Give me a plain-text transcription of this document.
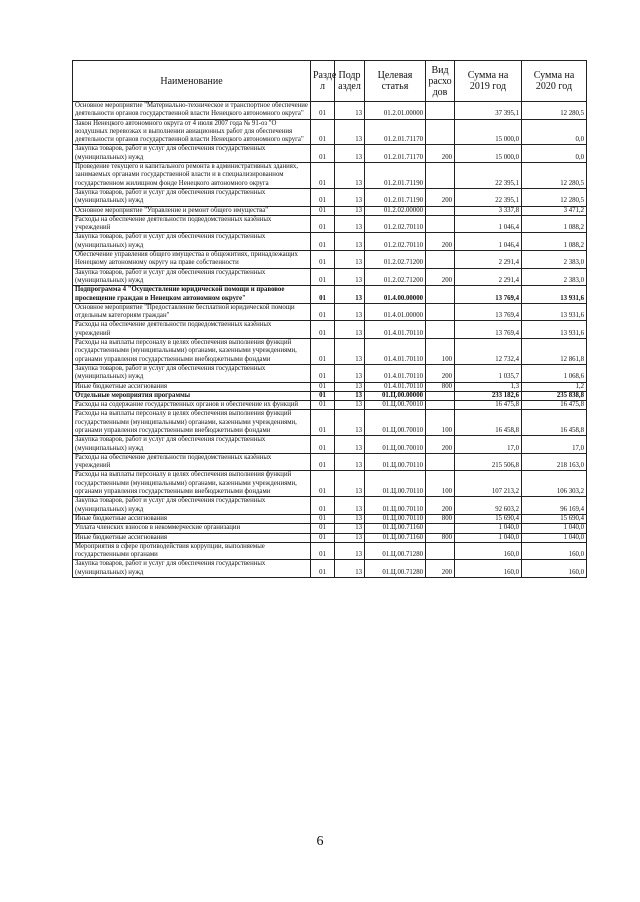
Наименование	Разде л	Подр аздел	Целевая статья	Вид расхо дов	Сумма на 2019 год	Сумма на 2020 год
Основное мероприятие "Материально-техническое и транспортное обеспечение деятельности органов государственной власти Ненецкого автономного округа"	01	13	01.2.01.00000		37 395,1	12 280,5
Закон Ненецкого автономного округа от 4 июля 2007 года № 91-оз "О воздушных перевозках и выполнении авиационных работ для обеспечения деятельности органов государственной власти Ненецкого автономного округа"	01	13	01.2.01.71170		15 000,0	0,0
Закупка товаров, работ и услуг для обеспечения государственных (муниципальных) нужд	01	13	01.2.01.71170	200	15 000,0	0,0
Проведение текущего и капитального ремонта в административных зданиях, занимаемых органами государственной власти и в специализированном государственном жилищном фонде Ненецкого автономного округа	01	13	01.2.01.71190		22 395,1	12 280,5
Закупка товаров, работ и услуг для обеспечения государственных (муниципальных) нужд	01	13	01.2.01.71190	200	22 395,1	12 280,5
Основное мероприятие "Управление и ремонт общего имущества"	01	13	01.2.02.00000		3 337,8	3 471,2
Расходы на обеспечение деятельности подведомственных казённых учреждений	01	13	01.2.02.70110		1 046,4	1 088,2
Закупка товаров, работ и услуг для обеспечения государственных (муниципальных) нужд	01	13	01.2.02.70110	200	1 046,4	1 088,2
Обеспечение управления общего имущества в общежитиях, принадлежащих Ненецкому автономному округу на праве собственности	01	13	01.2.02.71200		2 291,4	2 383,0
Закупка товаров, работ и услуг для обеспечения государственных (муниципальных) нужд	01	13	01.2.02.71200	200	2 291,4	2 383,0
Подпрограмма 4 "Осуществление юридической помощи и правовое просвещение граждан в Ненецком автономном округе"	01	13	01.4.00.00000		13 769,4	13 931,6
Основное мероприятие "Предоставление бесплатной юридической помощи отдельным категориям граждан"	01	13	01.4.01.00000		13 769,4	13 931,6
Расходы на обеспечение деятельности подведомственных казённых учреждений	01	13	01.4.01.70110		13 769,4	13 931,6
Расходы на выплаты персоналу в целях обеспечения выполнения функций государственными (муниципальными) органами, казенными учреждениями, органами управления государственными внебюджетными фондами	01	13	01.4.01.70110	100	12 732,4	12 861,8
Закупка товаров, работ и услуг для обеспечения государственных (муниципальных) нужд	01	13	01.4.01.70110	200	1 035,7	1 068,6
Иные бюджетные ассигнования	01	13	01.4.01.70110	800	1,3	1,2
Отдельные мероприятия программы	01	13	01.Ц.00.00000		233 182,6	235 838,8
Расходы на содержание государственных органов и обеспечение их функций	01	13	01.Ц.00.70010		16 475,8	16 475,8
Расходы на выплаты персоналу в целях обеспечения выполнения функций государственными (муниципальными) органами, казенными учреждениями, органами управления государственными внебюджетными фондами	01	13	01.Ц.00.70010	100	16 458,8	16 458,8
Закупка товаров, работ и услуг для обеспечения государственных (муниципальных) нужд	01	13	01.Ц.00.70010	200	17,0	17,0
Расходы на обеспечение деятельности подведомственных казённых учреждений	01	13	01.Ц.00.70110		215 506,8	218 163,0
Расходы на выплаты персоналу в целях обеспечения выполнения функций государственными (муниципальными) органами, казенными учреждениями, органами управления государственными внебюджетными фондами	01	13	01.Ц.00.70110	100	107 213,2	106 303,2
Закупка товаров, работ и услуг для обеспечения государственных (муниципальных) нужд	01	13	01.Ц.00.70110	200	92 603,2	96 169,4
Иные бюджетные ассигнования	01	13	01.Ц.00.70110	800	15 690,4	15 690,4
Уплата членских взносов в некоммерческие организации	01	13	01.Ц.00.71160		1 040,0	1 040,0
Иные бюджетные ассигнования	01	13	01.Ц.00.71160	800	1 040,0	1 040,0
Мероприятия в сфере противодействия коррупции, выполняемые государственными органами	01	13	01.Ц.00.71280		160,0	160,0
Закупка товаров, работ и услуг для обеспечения государственных (муниципальных) нужд	01	13	01.Ц.00.71280	200	160,0	160,0
6
